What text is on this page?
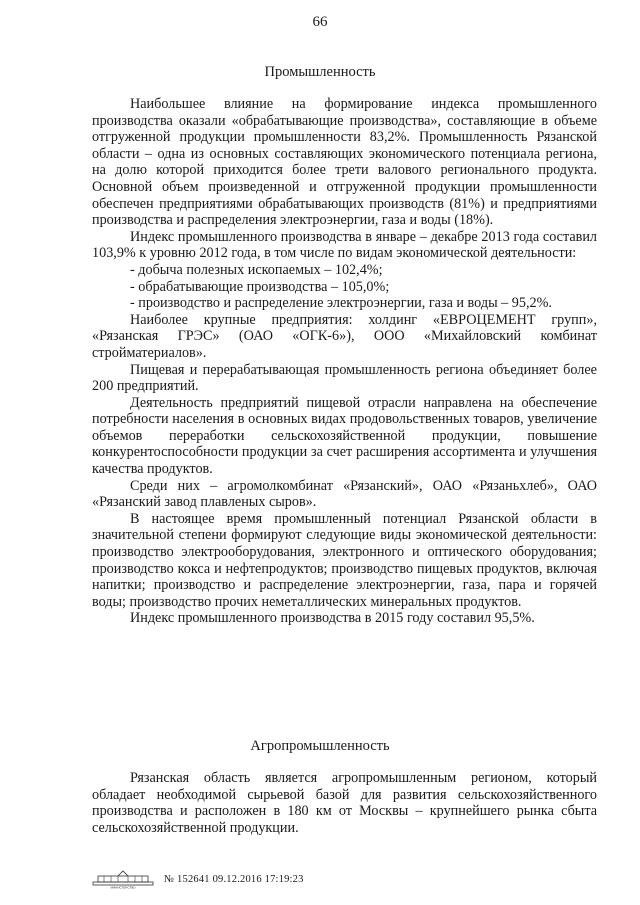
66
Промышленность

Наибольшее влияние на формирование индекса промышленного производства оказали «обрабатывающие производства», составляющие в объеме отгруженной продукции промышленности 83,2%. Промышленность Рязанской области – одна из основных составляющих экономического потенциала региона, на долю которой приходится более трети валового регионального продукта. Основной объем произведенной и отгруженной продукции промышленности обеспечен предприятиями обрабатывающих производств (81%) и предприятиями производства и распределения электроэнергии, газа и воды (18%).

Индекс промышленного производства в январе – декабре 2013 года составил 103,9% к уровню 2012 года, в том числе по видам экономической деятельности:

- добыча полезных ископаемых – 102,4%;

- обрабатывающие производства – 105,0%;

- производство и распределение электроэнергии, газа и воды – 95,2%.

Наиболее крупные предприятия: холдинг «ЕВРОЦЕМЕНТ групп», «Рязанская ГРЭС» (ОАО «ОГК-6»), ООО «Михайловский комбинат стройматериалов».

Пищевая и перерабатывающая промышленность региона объединяет более 200 предприятий.

Деятельность предприятий пищевой отрасли направлена на обеспечение потребности населения в основных видах продовольственных товаров, увеличение объемов переработки сельскохозяйственной продукции, повышение конкурентоспособности продукции за счет расширения ассортимента и улучшения качества продуктов.

Среди них – агромолкомбинат «Рязанский», ОАО «Рязаньхлеб», ОАО «Рязанский завод плавленых сыров».

В настоящее время промышленный потенциал Рязанской области в значительной степени формируют следующие виды экономической деятельности: производство электрооборудования, электронного и оптического оборудования; производство кокса и нефтепродуктов; производство пищевых продуктов, включая напитки; производство и распределение электроэнергии, газа, пара и горячей воды; производство прочих неметаллических минеральных продуктов.

Индекс промышленного производства в 2015 году составил 95,5%.

Агропромышленность

Рязанская область является агропромышленным регионом, который обладает необходимой сырьевой базой для развития сельскохозяйственного производства и расположен в 180 км от Москвы – крупнейшего рынка сбыта сельскохозяйственной продукции.

МИНИСТЕРСТВО
№ 152641 09.12.2016 17:19:23
